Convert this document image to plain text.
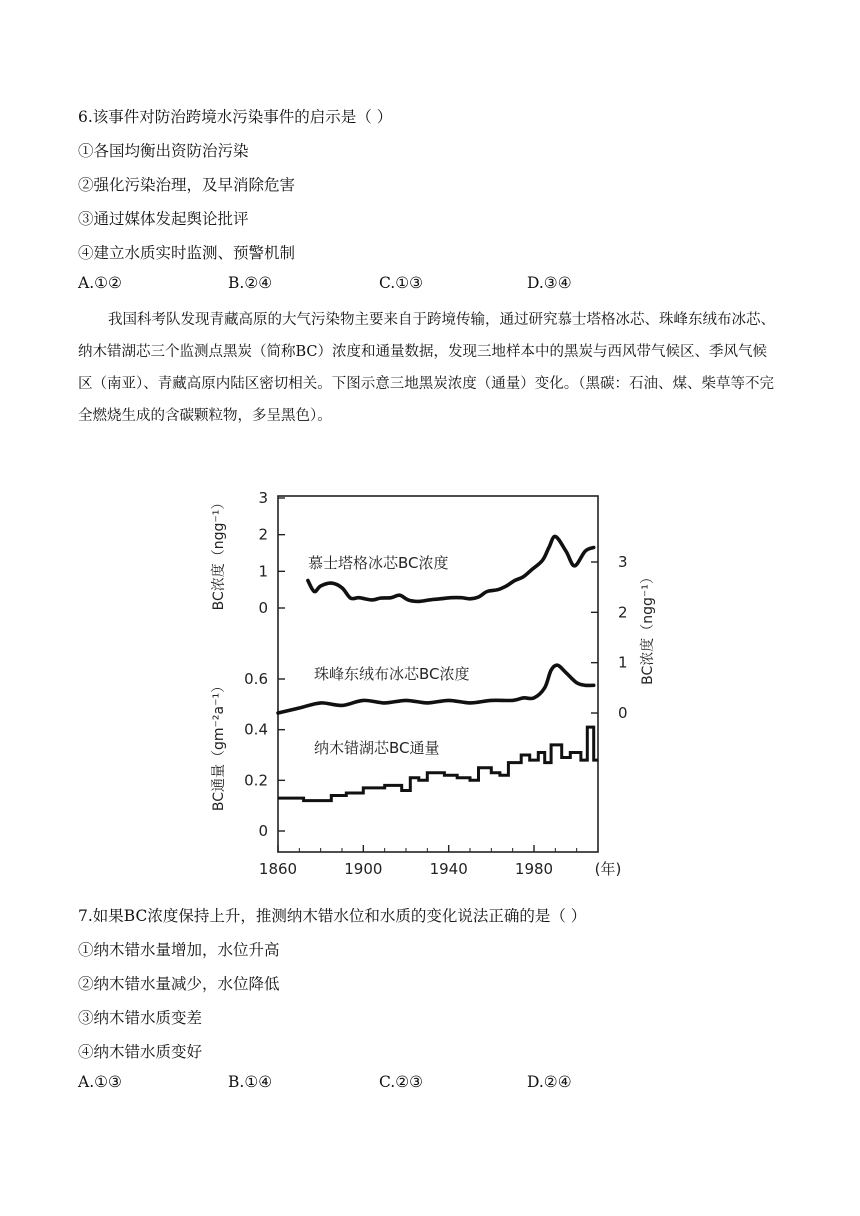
6.该事件对防治跨境水污染事件的启示是（ ）
①各国均衡出资防治污染
②强化污染治理，及早消除危害
③通过媒体发起舆论批评
④建立水质实时监测、预警机制
A.①②	B.②④	C.①③	D.③④
我国科考队发现青藏高原的大气污染物主要来自于跨境传输，通过研究慕士塔格冰芯、珠峰东绒布冰芯、纳木错湖芯三个监测点黑炭（简称BC）浓度和通量数据，发现三地样本中的黑炭与西风带气候区、季风气候区（南亚）、青藏高原内陆区密切相关。下图示意三地黑炭浓度（通量）变化。（黑碳：石油、煤、柴草等不完全燃烧生成的含碳颗粒物，多呈黑色）。
1860	1900	1940	1980	(年)
0
1
2
3
BC浓度（ngg⁻¹）
0
1
2
3
BC浓度（ngg⁻¹）
0
0.2
0.4
0.6
BC通量（gm⁻²a⁻¹）
慕士塔格冰芯BC浓度
珠峰东绒布冰芯BC浓度
纳木错湖芯BC通量
7.如果BC浓度保持上升，推测纳木错水位和水质的变化说法正确的是（ ）
①纳木错水量增加，水位升高
②纳木错水量减少，水位降低
③纳木错水质变差
④纳木错水质变好
A.①③	B.①④	C.②③	D.②④
